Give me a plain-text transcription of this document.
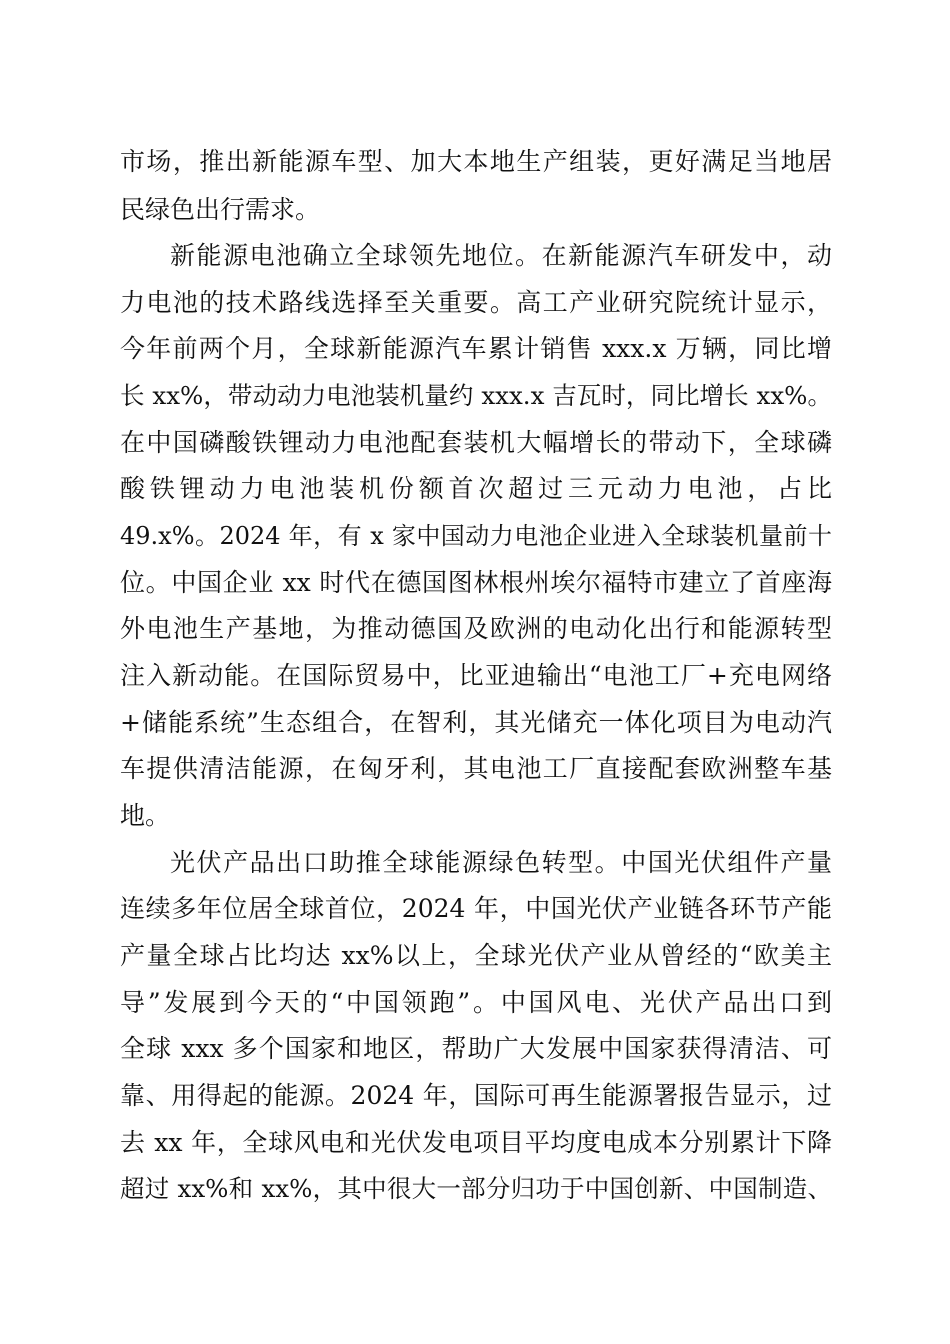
市场，推出新能源车型、加大本地生产组装，更好满足当地居
民绿色出行需求。
新能源电池确立全球领先地位。在新能源汽车研发中，动
力电池的技术路线选择至关重要。高工产业研究院统计显示，
今年前两个月，全球新能源汽车累计销售 xxx.x 万辆，同比增
长 xx%，带动动力电池装机量约 xxx.x 吉瓦时，同比增长 xx%。
在中国磷酸铁锂动力电池配套装机大幅增长的带动下，全球磷
酸铁锂动力电池装机份额首次超过三元动力电池，占比
49.x%。2024 年，有 x 家中国动力电池企业进入全球装机量前十
位。中国企业 xx 时代在德国图林根州埃尔福特市建立了首座海
外电池生产基地，为推动德国及欧洲的电动化出行和能源转型
注入新动能。在国际贸易中，比亚迪输出“电池工厂+充电网络
+储能系统”生态组合，在智利，其光储充一体化项目为电动汽
车提供清洁能源，在匈牙利，其电池工厂直接配套欧洲整车基
地。
光伏产品出口助推全球能源绿色转型。中国光伏组件产量
连续多年位居全球首位，2024 年，中国光伏产业链各环节产能
产量全球占比均达 xx%以上，全球光伏产业从曾经的“欧美主
导”发展到今天的“中国领跑”。中国风电、光伏产品出口到
全球 xxx 多个国家和地区，帮助广大发展中国家获得清洁、可
靠、用得起的能源。2024 年，国际可再生能源署报告显示，过
去 xx 年，全球风电和光伏发电项目平均度电成本分别累计下降
超过 xx%和 xx%，其中很大一部分归功于中国创新、中国制造、
